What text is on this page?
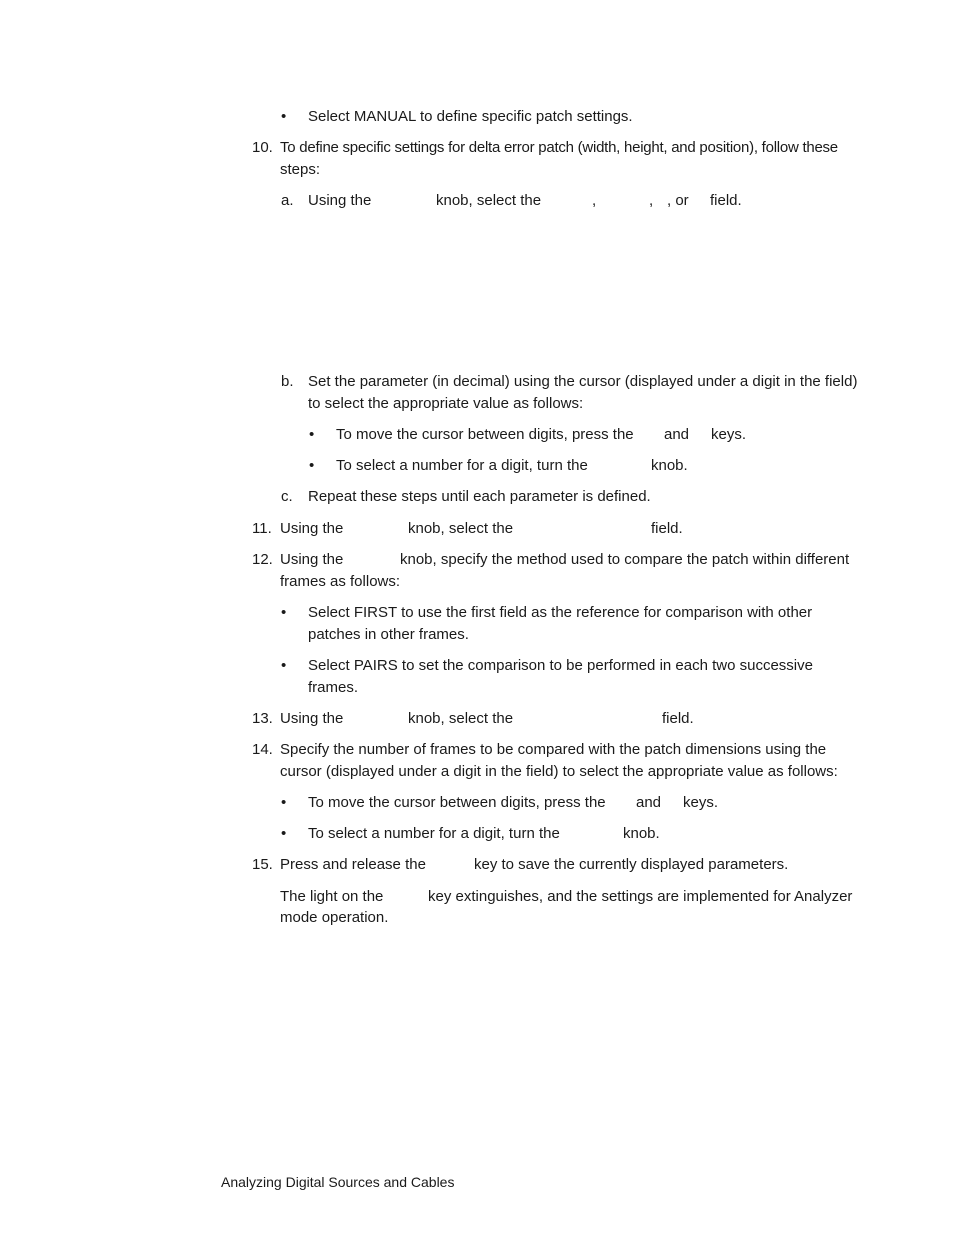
• Select MANUAL to define specific patch settings.
10. To define specific settings for delta error patch (width, height, and position), follow these
steps:
a. Using the	knob, select the	,	, , or field.
b. Set the parameter (in decimal) using the cursor (displayed under a digit in the field)
to select the appropriate value as follows:
• To move the cursor between digits, press the and keys.
• To select a number for a digit, turn the	knob.
c. Repeat these steps until each parameter is defined.
11. Using the	knob, select the	field.
12. Using the	knob, specify the method used to compare the patch within different
frames as follows:
• Select FIRST to use the first field as the reference for comparison with other
patches in other frames.
• Select PAIRS to set the comparison to be performed in each two successive
frames.
13. Using the	knob, select the	field.
14. Specify the number of frames to be compared with the patch dimensions using the
cursor (displayed under a digit in the field) to select the appropriate value as follows:
• To move the cursor between digits, press the and keys.
• To select a number for a digit, turn the	knob.
15. Press and release the	key to save the currently displayed parameters.
The light on the	key extinguishes, and the settings are implemented for Analyzer
mode operation.
Analyzing Digital Sources and Cables
